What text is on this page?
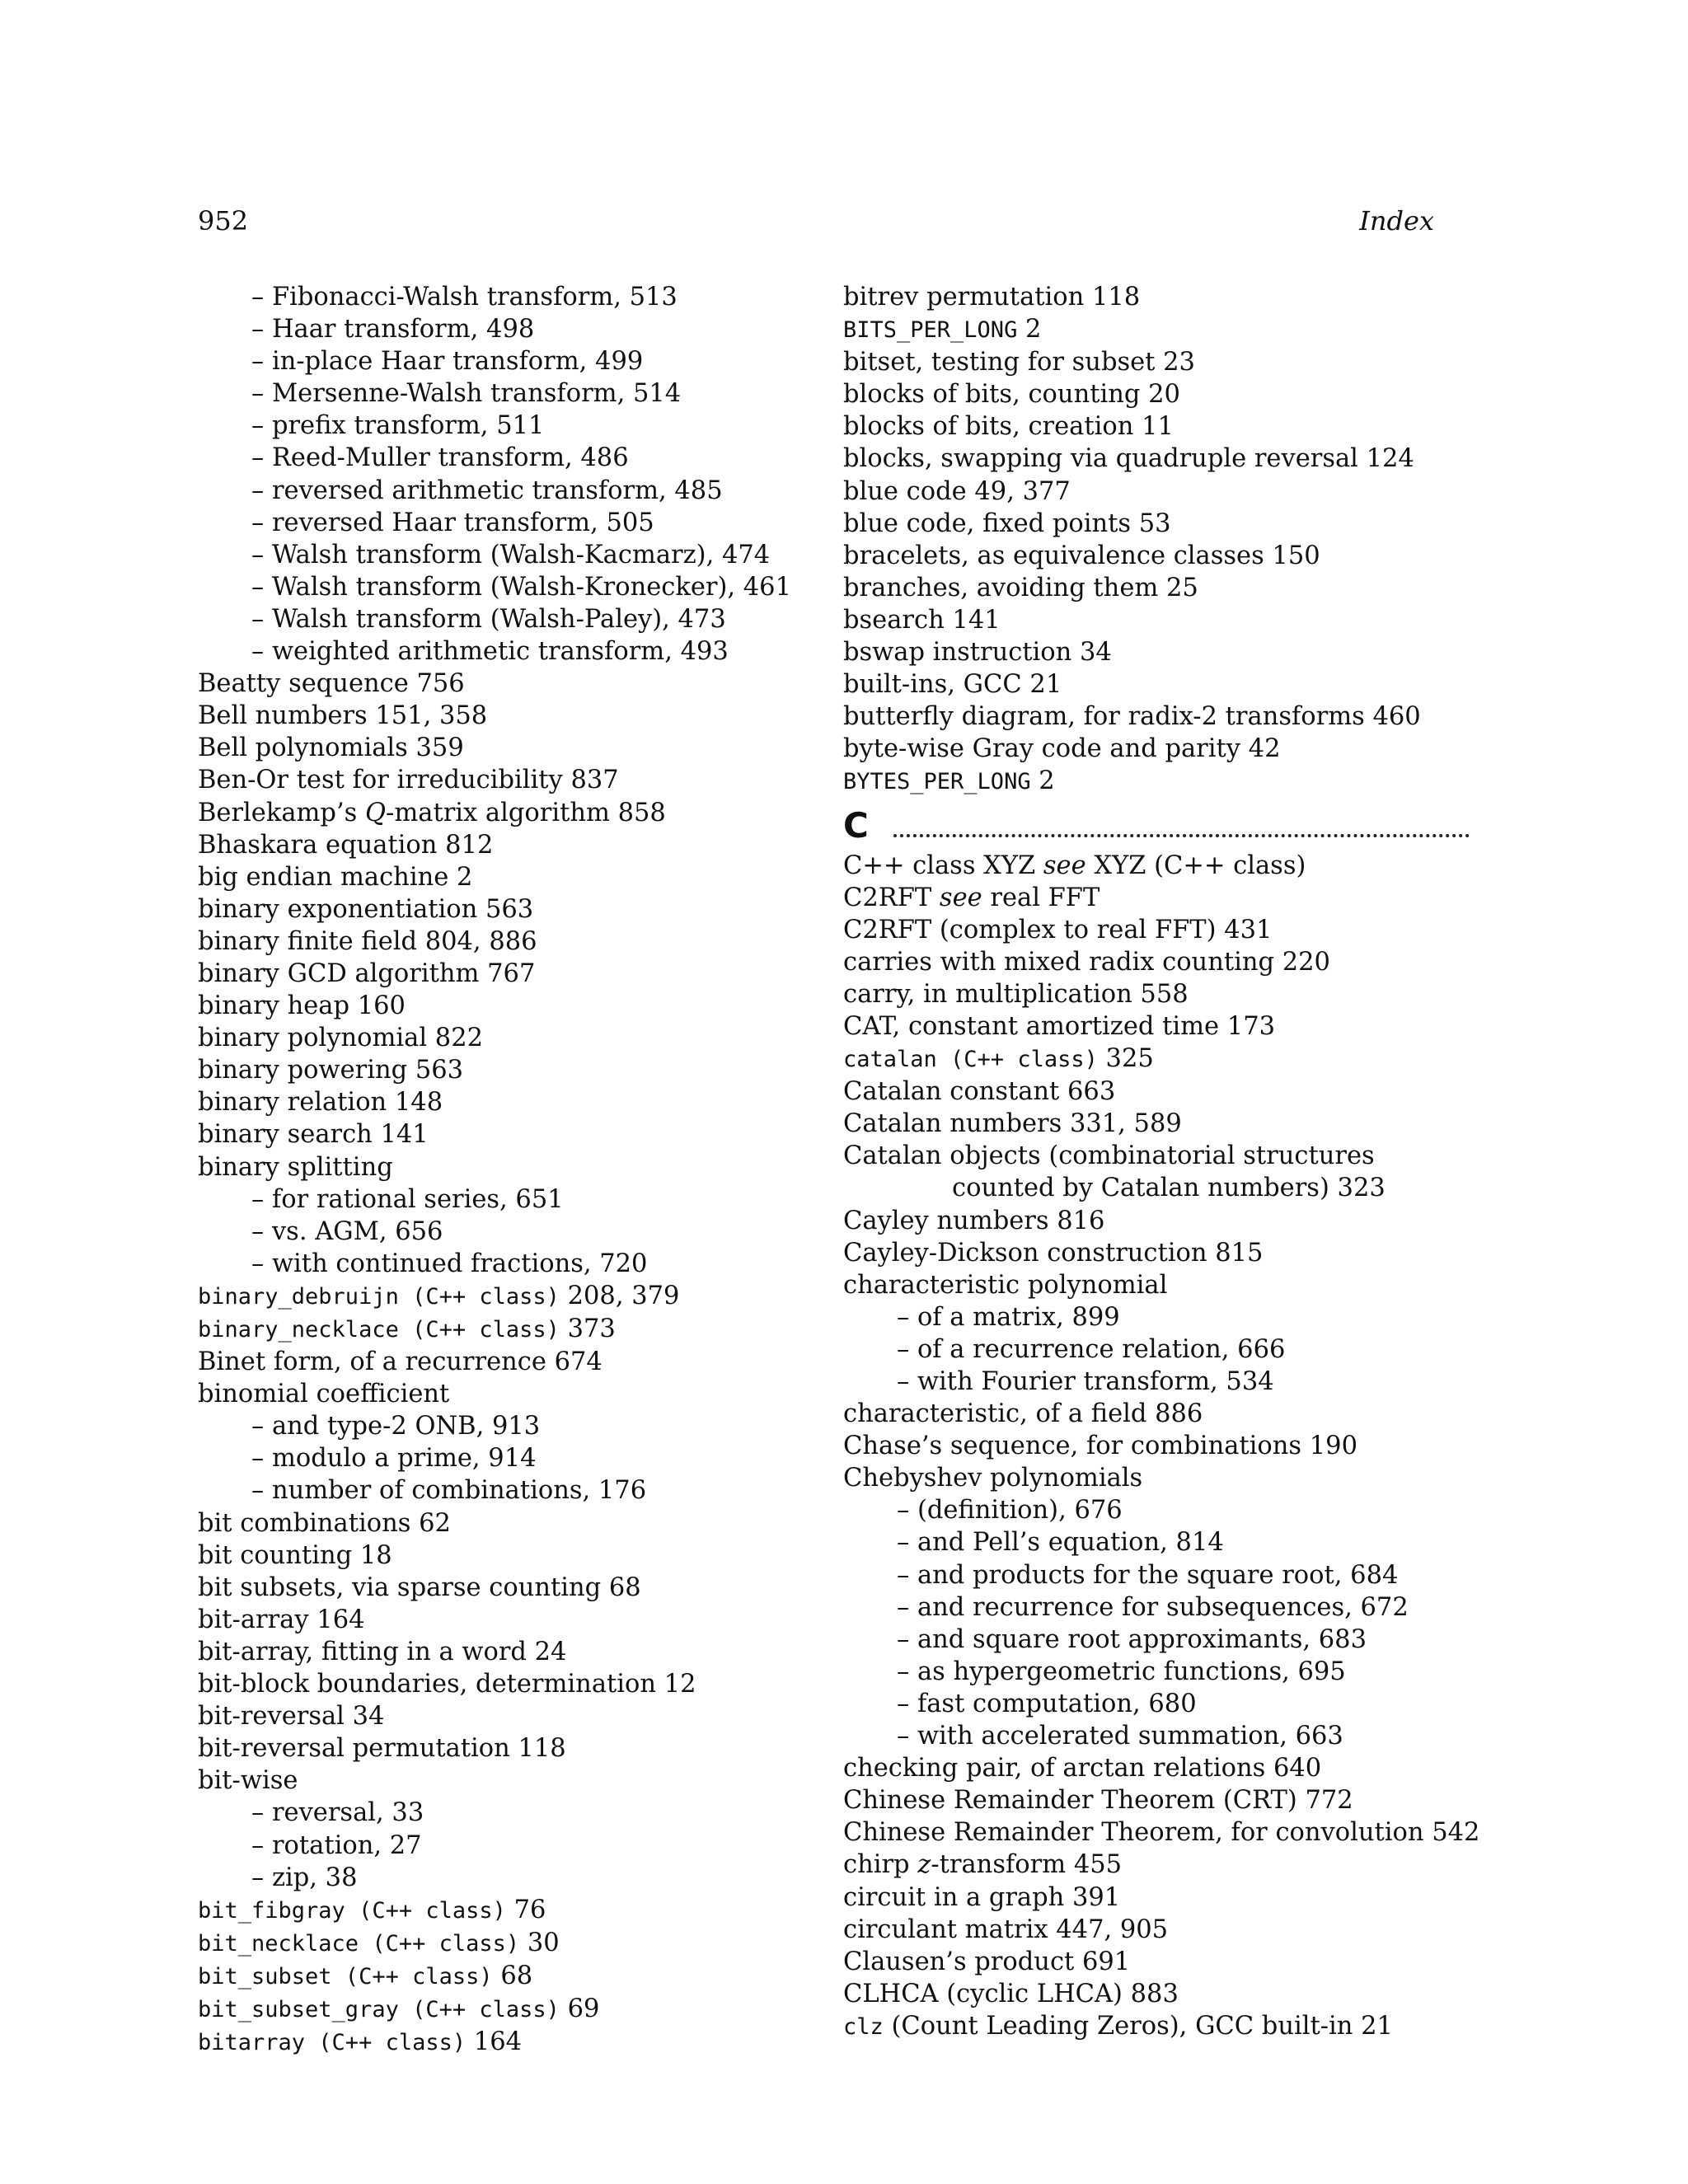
952	Index
– Fibonacci-Walsh transform, 513
– Haar transform, 498
– in-place Haar transform, 499
– Mersenne-Walsh transform, 514
– prefix transform, 511
– Reed-Muller transform, 486
– reversed arithmetic transform, 485
– reversed Haar transform, 505
– Walsh transform (Walsh-Kacmarz), 474
– Walsh transform (Walsh-Kronecker), 461
– Walsh transform (Walsh-Paley), 473
– weighted arithmetic transform, 493
Beatty sequence 756
Bell numbers 151, 358
Bell polynomials 359
Ben-Or test for irreducibility 837
Berlekamp’s Q-matrix algorithm 858
Bhaskara equation 812
big endian machine 2
binary exponentiation 563
binary finite field 804, 886
binary GCD algorithm 767
binary heap 160
binary polynomial 822
binary powering 563
binary relation 148
binary search 141
binary splitting
– for rational series, 651
– vs. AGM, 656
– with continued fractions, 720
binary_debruijn (C++ class) 208, 379
binary_necklace (C++ class) 373
Binet form, of a recurrence 674
binomial coefficient
– and type-2 ONB, 913
– modulo a prime, 914
– number of combinations, 176
bit combinations 62
bit counting 18
bit subsets, via sparse counting 68
bit-array 164
bit-array, fitting in a word 24
bit-block boundaries, determination 12
bit-reversal 34
bit-reversal permutation 118
bit-wise
– reversal, 33
– rotation, 27
– zip, 38
bit_fibgray (C++ class) 76
bit_necklace (C++ class) 30
bit_subset (C++ class) 68
bit_subset_gray (C++ class) 69
bitarray (C++ class) 164
bitrev permutation 118
BITS_PER_LONG 2
bitset, testing for subset 23
blocks of bits, counting 20
blocks of bits, creation 11
blocks, swapping via quadruple reversal 124
blue code 49, 377
blue code, fixed points 53
bracelets, as equivalence classes 150
branches, avoiding them 25
bsearch 141
bswap instruction 34
built-ins, GCC 21
butterfly diagram, for radix-2 transforms 460
byte-wise Gray code and parity 42
BYTES_PER_LONG 2
C
C++ class XYZ see XYZ (C++ class)
C2RFT see real FFT
C2RFT (complex to real FFT) 431
carries with mixed radix counting 220
carry, in multiplication 558
CAT, constant amortized time 173
catalan (C++ class) 325
Catalan constant 663
Catalan numbers 331, 589
Catalan objects (combinatorial structures counted by Catalan numbers) 323
Cayley numbers 816
Cayley-Dickson construction 815
characteristic polynomial
– of a matrix, 899
– of a recurrence relation, 666
– with Fourier transform, 534
characteristic, of a field 886
Chase’s sequence, for combinations 190
Chebyshev polynomials
– (definition), 676
– and Pell’s equation, 814
– and products for the square root, 684
– and recurrence for subsequences, 672
– and square root approximants, 683
– as hypergeometric functions, 695
– fast computation, 680
– with accelerated summation, 663
checking pair, of arctan relations 640
Chinese Remainder Theorem (CRT) 772
Chinese Remainder Theorem, for convolution 542
chirp z-transform 455
circuit in a graph 391
circulant matrix 447, 905
Clausen’s product 691
CLHCA (cyclic LHCA) 883
clz (Count Leading Zeros), GCC built-in 21
